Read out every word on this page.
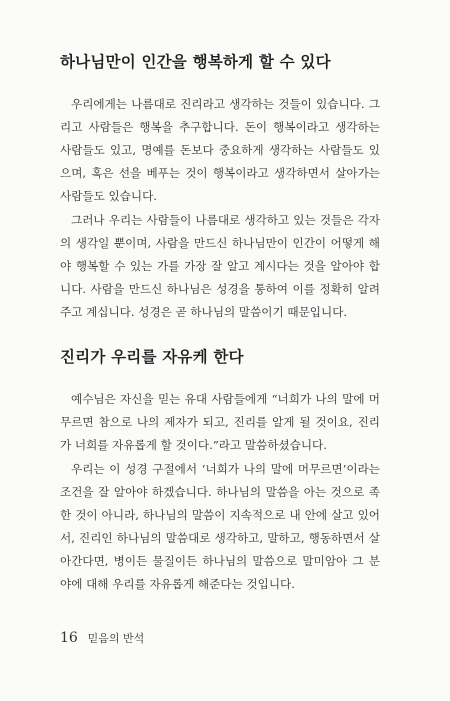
하나님만이 인간을 행복하게 할 수 있다
우리에게는 나름대로 진리라고 생각하는 것들이 있습니다. 그
리고 사람들은 행복을 추구합니다. 돈이 행복이라고 생각하는
사람들도 있고, 명예를 돈보다 중요하게 생각하는 사람들도 있
으며, 혹은 선을 베푸는 것이 행복이라고 생각하면서 살아가는
사람들도 있습니다.
그러나 우리는 사람들이 나름대로 생각하고 있는 것들은 각자
의 생각일 뿐이며, 사람을 만드신 하나님만이 인간이 어떻게 해
야 행복할 수 있는 가를 가장 잘 알고 계시다는 것을 알아야 합
니다. 사람을 만드신 하나님은 성경을 통하여 이를 정확히 알려
주고 계십니다. 성경은 곧 하나님의 말씀이기 때문입니다.
진리가 우리를 자유케 한다
예수님은 자신을 믿는 유대 사람들에게 “너희가 나의 말에 머
무르면 참으로 나의 제자가 되고, 진리를 알게 될 것이요, 진리
가 너희를 자유롭게 할 것이다.”라고 말씀하셨습니다.
우리는 이 성경 구절에서 ‘너희가 나의 말에 머무르면’이라는
조건을 잘 알아야 하겠습니다. 하나님의 말씀을 아는 것으로 족
한 것이 아니라, 하나님의 말씀이 지속적으로 내 안에 살고 있어
서, 진리인 하나님의 말씀대로 생각하고, 말하고, 행동하면서 살
아간다면, 병이든 물질이든 하나님의 말씀으로 말미암아 그 분
야에 대해 우리를 자유롭게 해준다는 것입니다.
16 믿음의 반석
